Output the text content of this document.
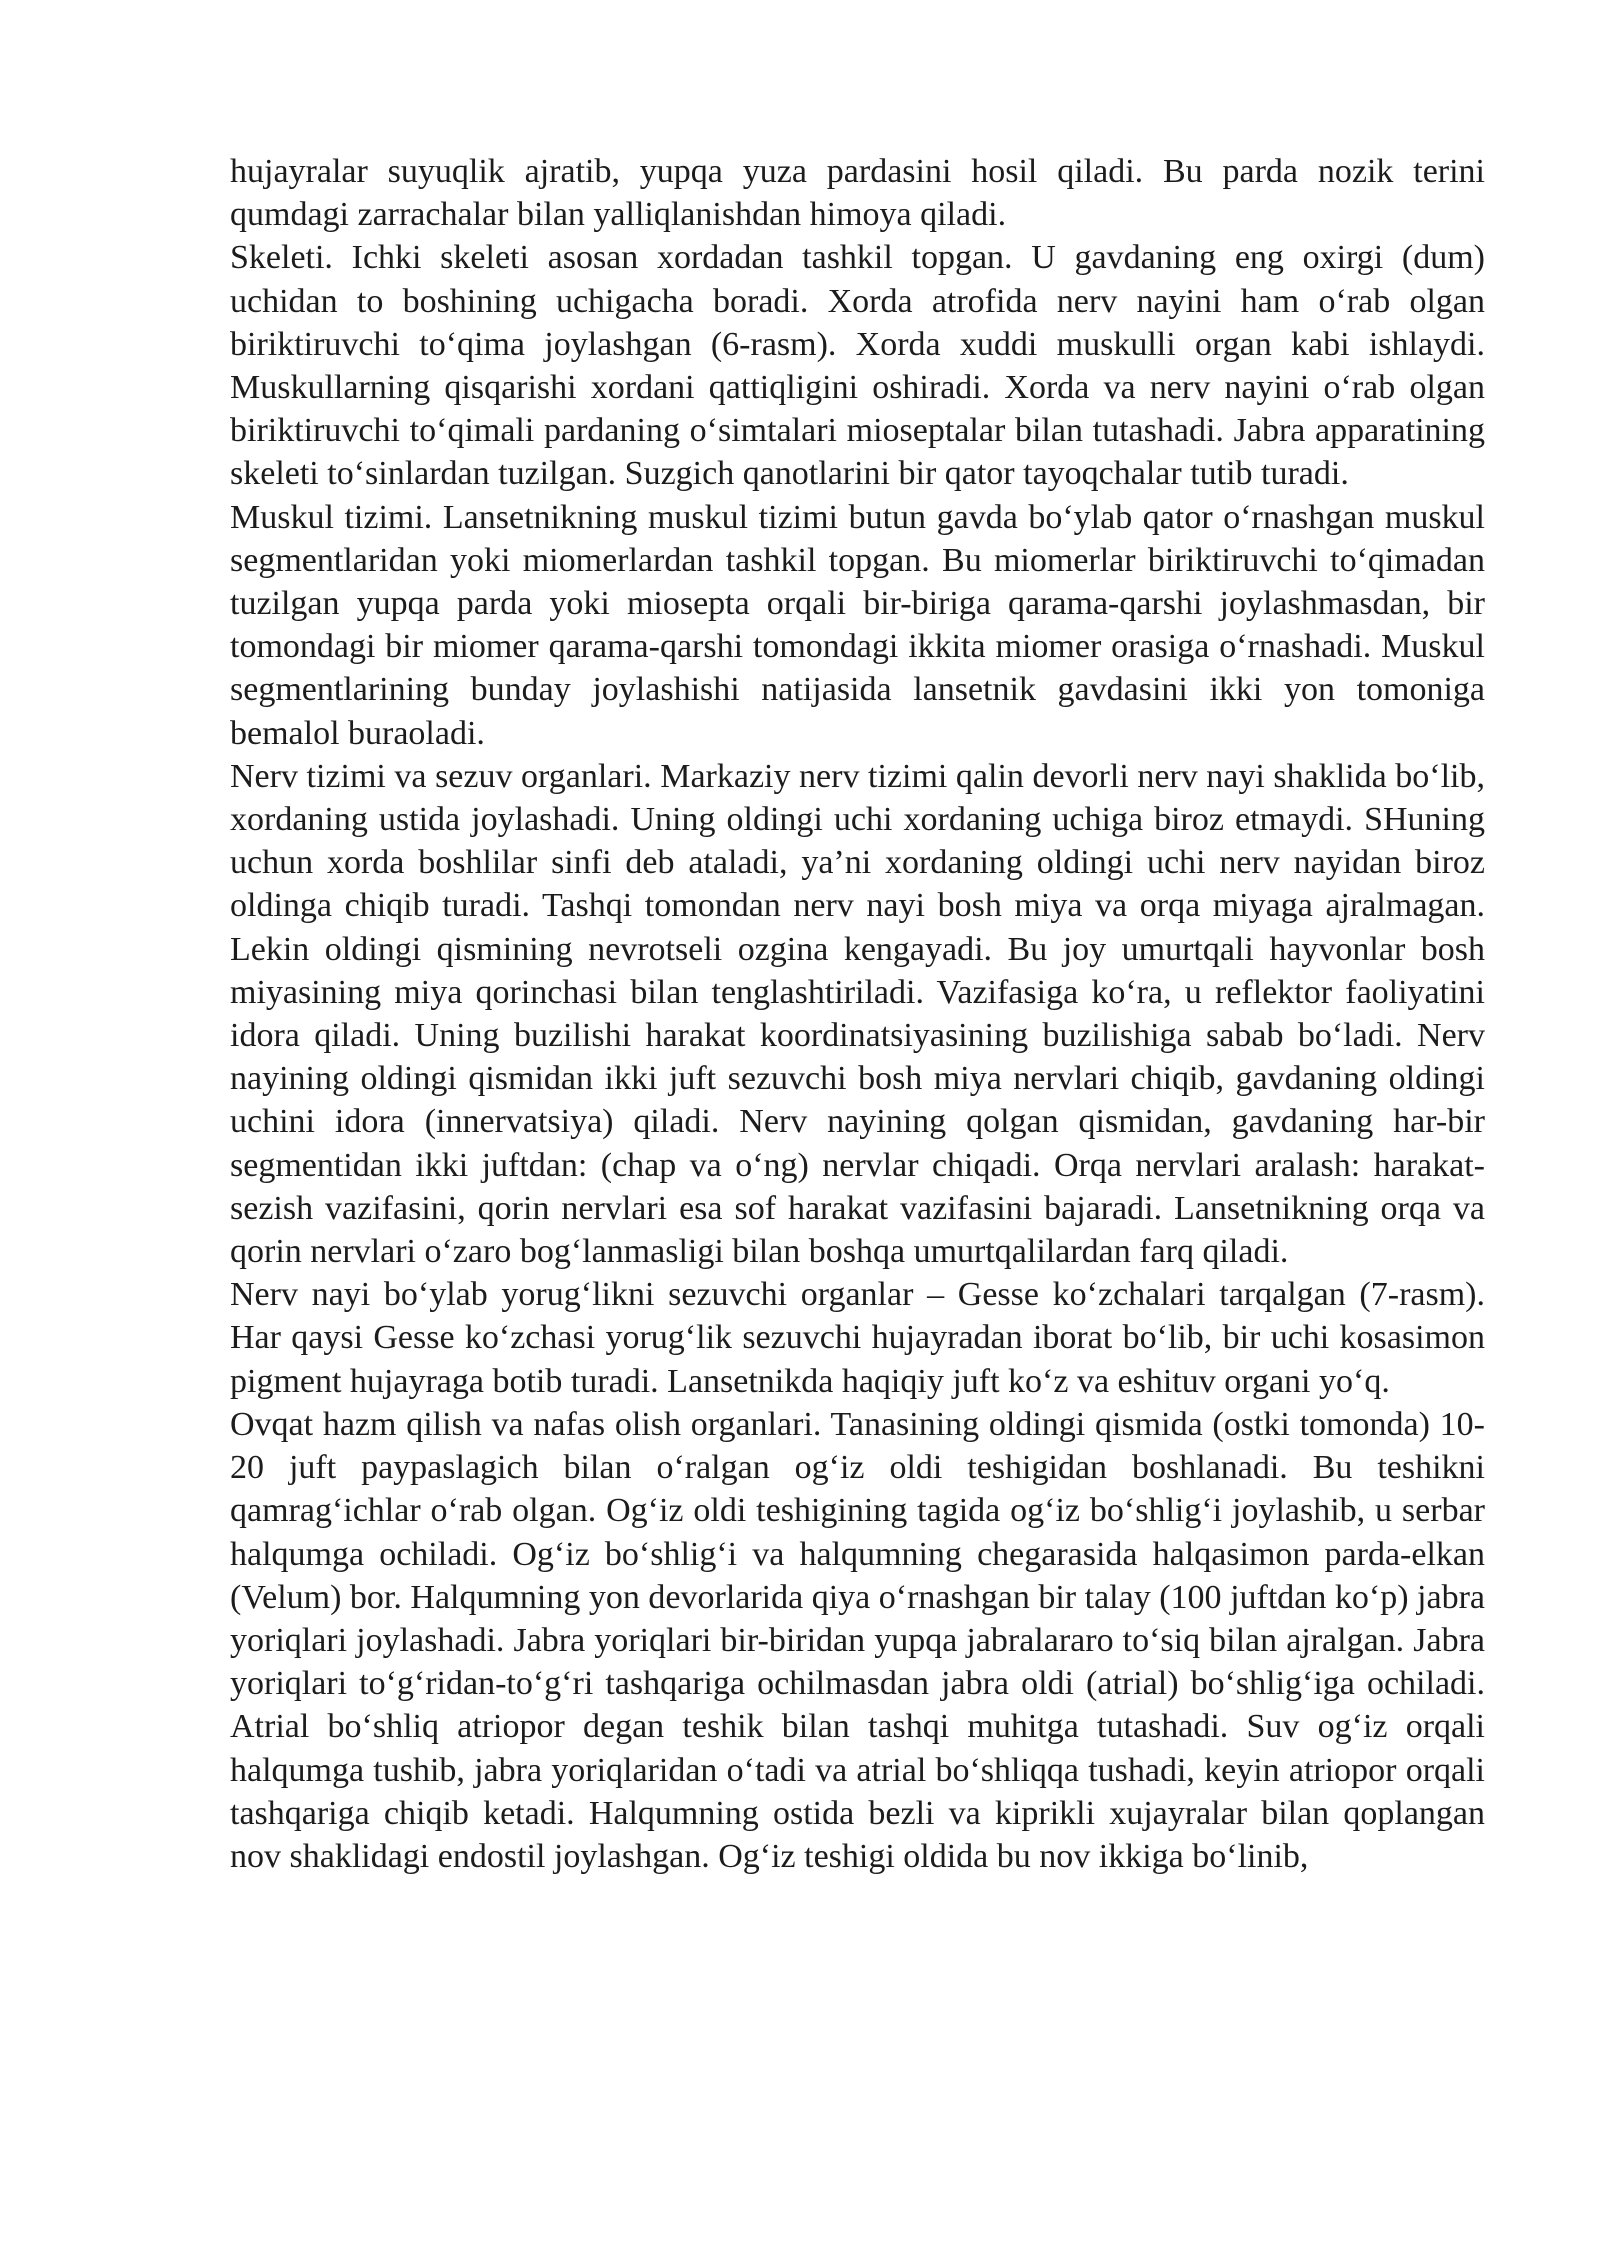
hujayralar suyuqlik ajratib, yupqa yuza pardasini hosil qiladi. Bu parda nozik terini qumdagi zarrachalar bilan yalliqlanishdan himoya qiladi.

Skeleti. Ichki skeleti asosan xordadan tashkil topgan. U gavdaning eng oxirgi (dum) uchidan to boshining uchigacha boradi. Xorda atrofida nerv nayini ham o‘rab olgan biriktiruvchi to‘qima joylashgan (6-rasm). Xorda xuddi muskulli organ kabi ishlaydi. Muskullarning qisqarishi xordani qattiqligini oshiradi. Xorda va nerv nayini o‘rab olgan biriktiruvchi to‘qimali pardaning o‘simtalari mioseptalar bilan tutashadi. Jabra apparatining skeleti to‘sinlardan tuzilgan. Suzgich qanotlarini bir qator tayoqchalar tutib turadi.

Muskul tizimi. Lansetnikning muskul tizimi butun gavda bo‘ylab qator o‘rnashgan muskul segmentlaridan yoki miomerlardan tashkil topgan. Bu miomerlar biriktiruvchi to‘qimadan tuzilgan yupqa parda yoki miosepta orqali bir-biriga qarama-qarshi joylashmasdan, bir tomondagi bir miomer qarama-qarshi tomondagi ikkita miomer orasiga o‘rnashadi. Muskul segmentlarining bunday joylashishi natijasida lansetnik gavdasini ikki yon tomoniga bemalol buraoladi.

Nerv tizimi va sezuv organlari. Markaziy nerv tizimi qalin devorli nerv nayi shaklida bo‘lib, xordaning ustida joylashadi. Uning oldingi uchi xordaning uchiga biroz etmaydi. SHuning uchun xorda boshlilar sinfi deb ataladi, ya’ni xordaning oldingi uchi nerv nayidan biroz oldinga chiqib turadi. Tashqi tomondan nerv nayi bosh miya va orqa miyaga ajralmagan. Lekin oldingi qismining nevrotseli ozgina kengayadi. Bu joy umurtqali hayvonlar bosh miyasining miya qorinchasi bilan tenglashtiriladi. Vazifasiga ko‘ra, u reflektor faoliyatini idora qiladi. Uning buzilishi harakat koordinatsiyasining buzilishiga sabab bo‘ladi. Nerv nayining oldingi qismidan ikki juft sezuvchi bosh miya nervlari chiqib, gavdaning oldingi uchini idora (innervatsiya) qiladi. Nerv nayining qolgan qismidan, gavdaning har-bir segmentidan ikki juftdan: (chap va o‘ng) nervlar chiqadi. Orqa nervlari aralash: harakat-sezish vazifasini, qorin nervlari esa sof harakat vazifasini bajaradi. Lansetnikning orqa va qorin nervlari o‘zaro bog‘lanmasligi bilan boshqa umurtqalilardan farq qiladi.

Nerv nayi bo‘ylab yorug‘likni sezuvchi organlar – Gesse ko‘zchalari tarqalgan (7-rasm). Har qaysi Gesse ko‘zchasi yorug‘lik sezuvchi hujayradan iborat bo‘lib, bir uchi kosasimon pigment hujayraga botib turadi. Lansetnikda haqiqiy juft ko‘z va eshituv organi yo‘q.

Ovqat hazm qilish va nafas olish organlari. Tanasining oldingi qismida (ostki tomonda) 10-20 juft paypaslagich bilan o‘ralgan og‘iz oldi teshigidan boshlanadi. Bu teshikni qamrag‘ichlar o‘rab olgan. Og‘iz oldi teshigining tagida og‘iz bo‘shlig‘i joylashib, u serbar halqumga ochiladi. Og‘iz bo‘shlig‘i va halqumning chegarasida halqasimon parda-elkan (Velum) bor. Halqumning yon devorlarida qiya o‘rnashgan bir talay (100 juftdan ko‘p) jabra yoriqlari joylashadi. Jabra yoriqlari bir-biridan yupqa jabralararo to‘siq bilan ajralgan. Jabra yoriqlari to‘g‘ridan-to‘g‘ri tashqariga ochilmasdan jabra oldi (atrial) bo‘shlig‘iga ochiladi. Atrial bo‘shliq atriopor degan teshik bilan tashqi muhitga tutashadi. Suv og‘iz orqali halqumga tushib, jabra yoriqlaridan o‘tadi va atrial bo‘shliqqa tushadi, keyin atriopor orqali tashqariga chiqib ketadi. Halqumning ostida bezli va kiprikli xujayralar bilan qoplangan nov shaklidagi endostil joylashgan. Og‘iz teshigi oldida bu nov ikkiga bo‘linib,
